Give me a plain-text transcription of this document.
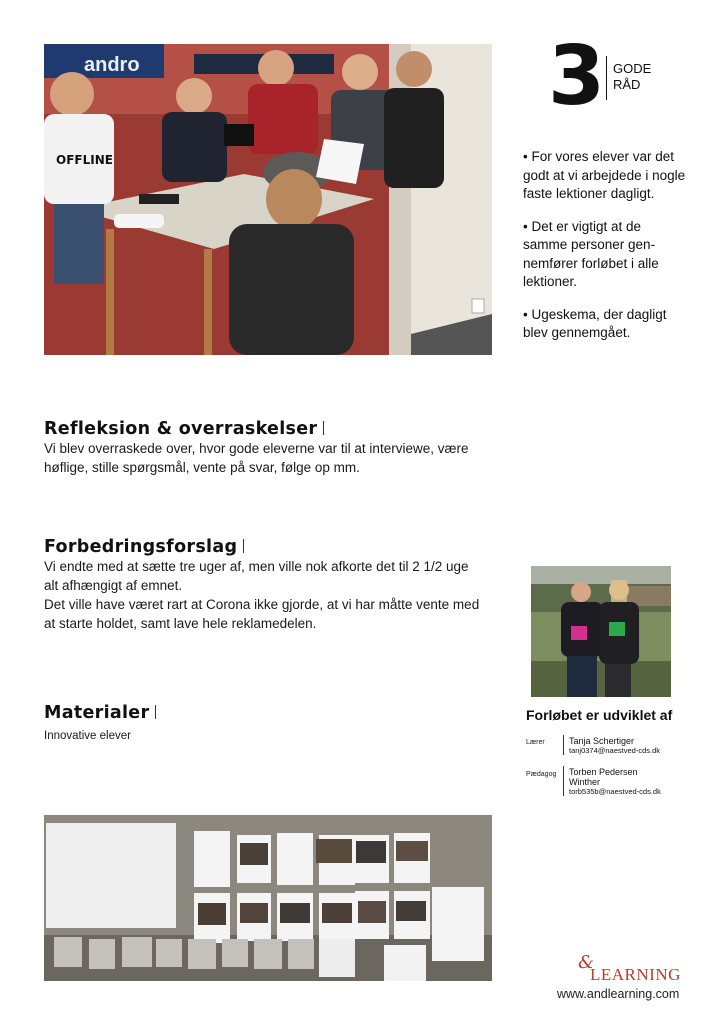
andro
OFFLINE
3 GODE
RÅD

• For vores elever var det godt at vi arbejdede i nogle faste lektioner dagligt.

• Det er vigtigt at de samme personer gen-nemfører forløbet i alle lektioner.

• Ugeskema, der dagligt blev gennemgået.

Refleksion & overraskelser
Vi blev overraskede over, hvor gode eleverne var til at interviewe, være
høflige, stille spørgsmål, vente på svar, følge op mm.
Forbedringsforslag
Vi endte med at sætte tre uger af, men ville nok afkorte det til 2 1/2 uge
alt afhængigt af emnet.
Det ville have været rart at Corona ikke gjorde, at vi har måtte vente med
at starte holdet, samt lave hele reklamedelen.
Materialer
Innovative elever
Forløbet er udviklet af
Lærer	Tanja Schertiger
tanj0374@naestved-cds.dk
Pædagog Torben Pedersen
Winther
torb535b@naestved-cds.dk
&
LEARNING
www.andlearning.com
